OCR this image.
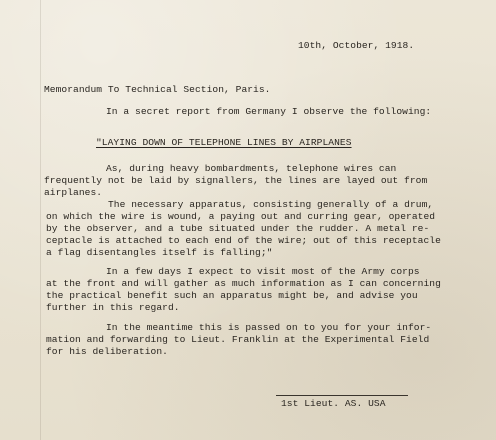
10th, October, 1918.
Memorandum To Technical Section, Paris.
In a secret report from Germany I observe the following:
"LAYING DOWN OF TELEPHONE LINES BY AIRPLANES
As, during heavy bombardments, telephone wires can
frequently not be laid by signallers, the lines are layed out from
airplanes.
The necessary apparatus, consisting generally of a drum,
on which the wire is wound, a paying out and curring gear, operated
by the observer, and a tube situated under the rudder. A metal re-
ceptacle is attached to each end of the wire; out of this receptacle
a flag disentangles itself is falling;"
In a few days I expect to visit most of the Army corps
at the front and will gather as much information as I can concerning
the practical benefit such an apparatus might be, and advise you
further in this regard.
In the meantime this is passed on to you for your infor-
mation and forwarding to Lieut. Franklin at the Experimental Field
for his deliberation.
1st Lieut. AS. USA
